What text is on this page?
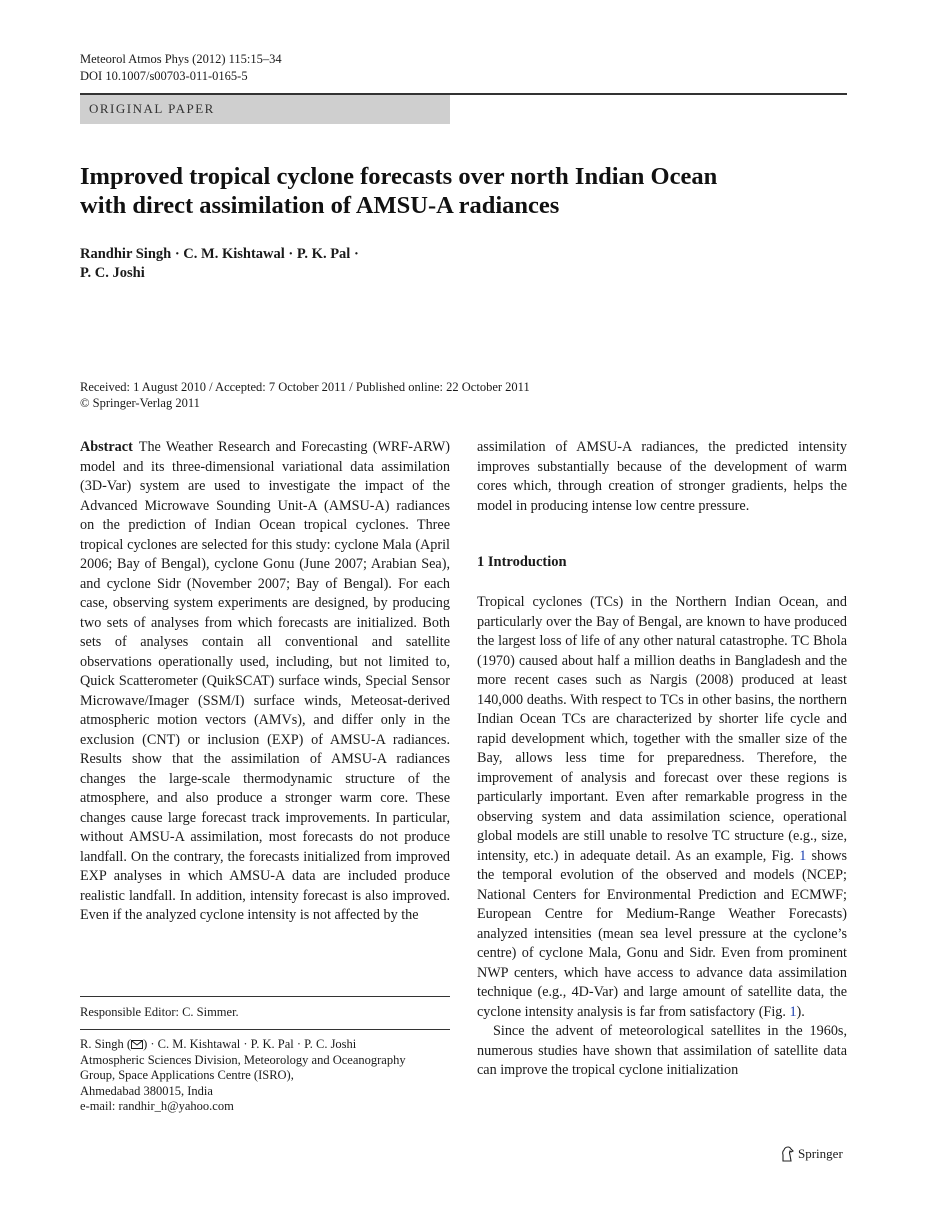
Meteorol Atmos Phys (2012) 115:15–34
DOI 10.1007/s00703-011-0165-5
ORIGINAL PAPER
Improved tropical cyclone forecasts over north Indian Ocean
with direct assimilation of AMSU-A radiances
Randhir Singh · C. M. Kishtawal · P. K. Pal ·
P. C. Joshi
Received: 1 August 2010 / Accepted: 7 October 2011 / Published online: 22 October 2011
© Springer-Verlag 2011
Abstract The Weather Research and Forecasting (WRF-ARW) model and its three-dimensional variational data assimilation (3D-Var) system are used to investigate the impact of the Advanced Microwave Sounding Unit-A (AMSU-A) radiances on the prediction of Indian Ocean tropical cyclones. Three tropical cyclones are selected for this study: cyclone Mala (April 2006; Bay of Bengal), cyclone Gonu (June 2007; Arabian Sea), and cyclone Sidr (November 2007; Bay of Bengal). For each case, observing system experiments are designed, by producing two sets of analyses from which forecasts are initialized. Both sets of analyses contain all conventional and satellite observations operationally used, including, but not limited to, Quick Scatterometer (QuikSCAT) surface winds, Special Sensor Microwave/Imager (SSM/I) surface winds, Meteosat-derived atmospheric motion vectors (AMVs), and differ only in the exclusion (CNT) or inclusion (EXP) of AMSU-A radiances. Results show that the assimilation of AMSU-A radiances changes the large-scale thermodynamic structure of the atmosphere, and also produce a stronger warm core. These changes cause large forecast track improvements. In particular, without AMSU-A assimilation, most forecasts do not produce landfall. On the contrary, the forecasts initialized from improved EXP analyses in which AMSU-A data are included produce realistic landfall. In addition, intensity forecast is also improved. Even if the analyzed cyclone intensity is not affected by the
assimilation of AMSU-A radiances, the predicted intensity improves substantially because of the development of warm cores which, through creation of stronger gradients, helps the model in producing intense low centre pressure.
1 Introduction

Tropical cyclones (TCs) in the Northern Indian Ocean, and particularly over the Bay of Bengal, are known to have produced the largest loss of life of any other natural catastrophe. TC Bhola (1970) caused about half a million deaths in Bangladesh and the more recent cases such as Nargis (2008) produced at least 140,000 deaths. With respect to TCs in other basins, the northern Indian Ocean TCs are characterized by shorter life cycle and rapid development which, together with the smaller size of the Bay, allows less time for preparedness. Therefore, the improvement of analysis and forecast over these regions is particularly important. Even after remarkable progress in the observing system and data assimilation science, operational global models are still unable to resolve TC structure (e.g., size, intensity, etc.) in adequate detail. As an example, Fig. 1 shows the temporal evolution of the observed and models (NCEP; National Centers for Environmental Prediction and ECMWF; European Centre for Medium-Range Weather Forecasts) analyzed intensities (mean sea level pressure at the cyclone’s centre) of cyclone Mala, Gonu and Sidr. Even from prominent NWP centers, which have access to advance data assimilation technique (e.g., 4D-Var) and large amount of satellite data, the cyclone intensity analysis is far from satisfactory (Fig. 1).

Since the advent of meteorological satellites in the 1960s, numerous studies have shown that assimilation of satellite data can improve the tropical cyclone initialization

Responsible Editor: C. Simmer.
R. Singh ( ) · C. M. Kishtawal · P. K. Pal · P. C. Joshi
Atmospheric Sciences Division, Meteorology and Oceanography
Group, Space Applications Centre (ISRO),
Ahmedabad 380015, India
e-mail: randhir_h@yahoo.com
Springer
